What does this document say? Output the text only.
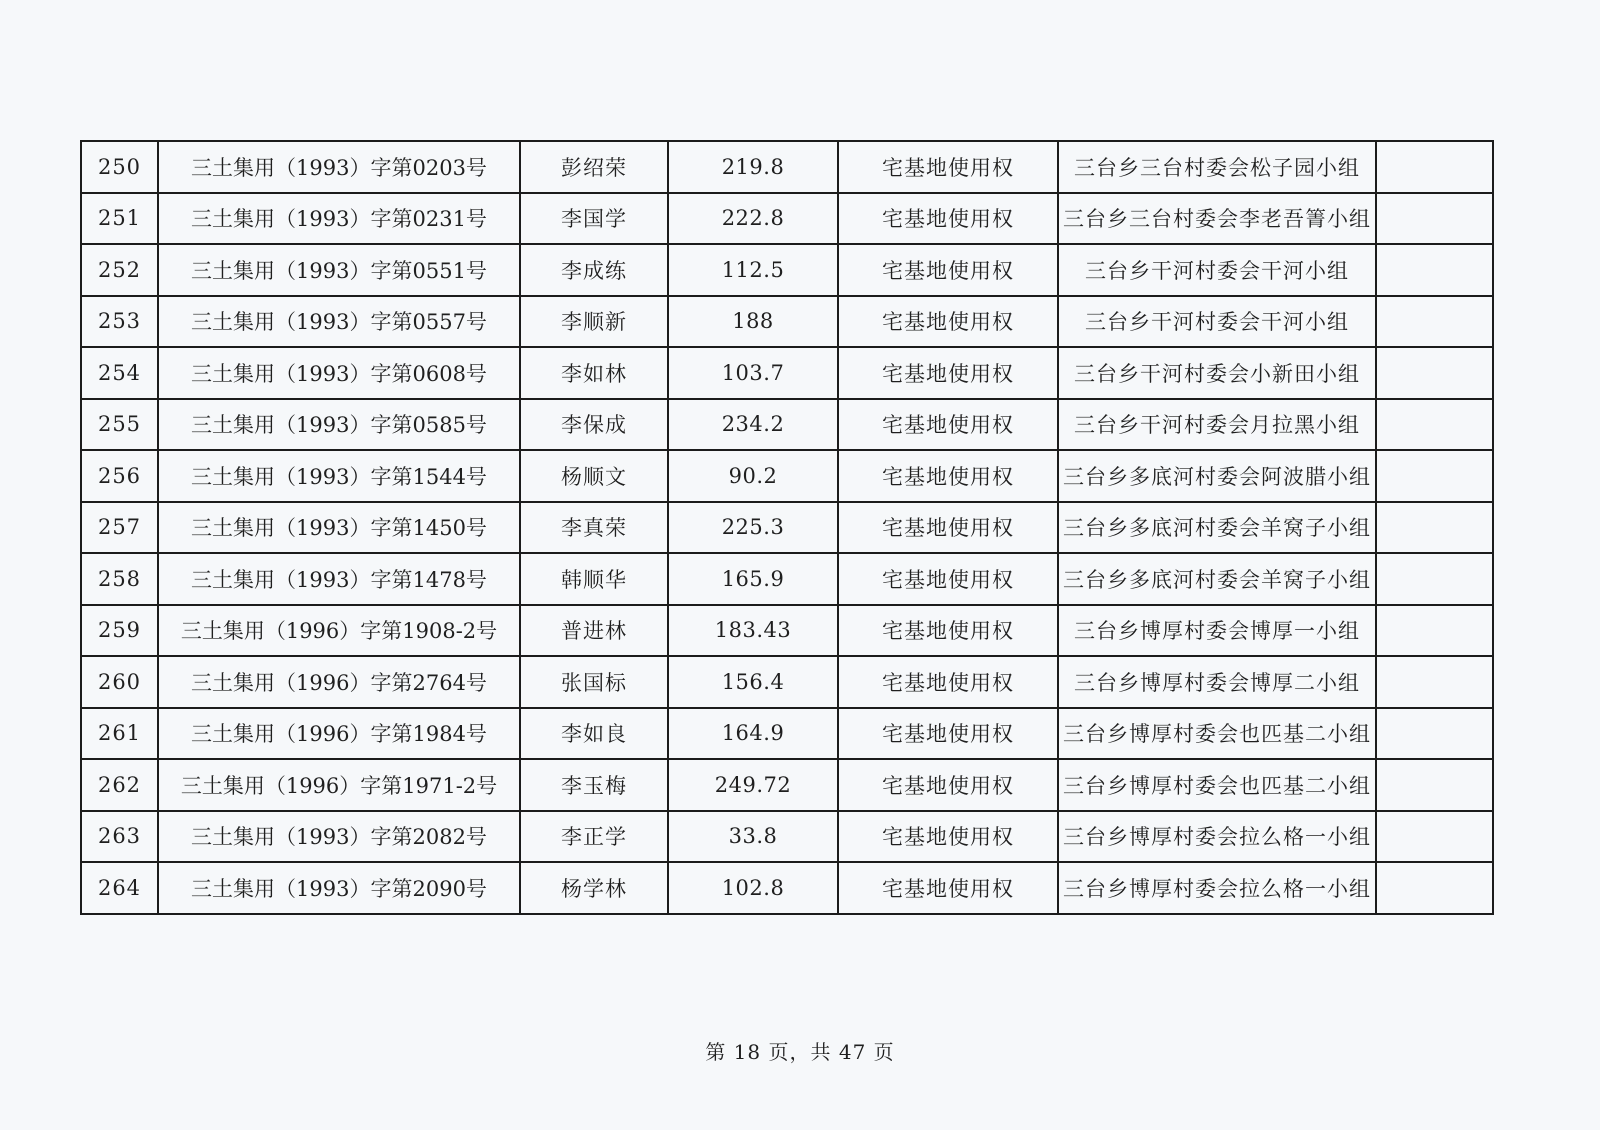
250	三土集用（1993）字第0203号	彭绍荣	219.8	宅基地使用权	三台乡三台村委会松子园小组	
251	三土集用（1993）字第0231号	李国学	222.8	宅基地使用权	三台乡三台村委会李老吾箐小组	
252	三土集用（1993）字第0551号	李成练	112.5	宅基地使用权	三台乡干河村委会干河小组	
253	三土集用（1993）字第0557号	李顺新	188	宅基地使用权	三台乡干河村委会干河小组	
254	三土集用（1993）字第0608号	李如林	103.7	宅基地使用权	三台乡干河村委会小新田小组	
255	三土集用（1993）字第0585号	李保成	234.2	宅基地使用权	三台乡干河村委会月拉黑小组	
256	三土集用（1993）字第1544号	杨顺文	90.2	宅基地使用权	三台乡多底河村委会阿波腊小组	
257	三土集用（1993）字第1450号	李真荣	225.3	宅基地使用权	三台乡多底河村委会羊窝子小组	
258	三土集用（1993）字第1478号	韩顺华	165.9	宅基地使用权	三台乡多底河村委会羊窝子小组	
259	三土集用（1996）字第1908-2号	普进林	183.43	宅基地使用权	三台乡博厚村委会博厚一小组	
260	三土集用（1996）字第2764号	张国标	156.4	宅基地使用权	三台乡博厚村委会博厚二小组	
261	三土集用（1996）字第1984号	李如良	164.9	宅基地使用权	三台乡博厚村委会也匹基二小组	
262	三土集用（1996）字第1971-2号	李玉梅	249.72	宅基地使用权	三台乡博厚村委会也匹基二小组	
263	三土集用（1993）字第2082号	李正学	33.8	宅基地使用权	三台乡博厚村委会拉么格一小组	
264	三土集用（1993）字第2090号	杨学林	102.8	宅基地使用权	三台乡博厚村委会拉么格一小组	
第 18 页，共 47 页
